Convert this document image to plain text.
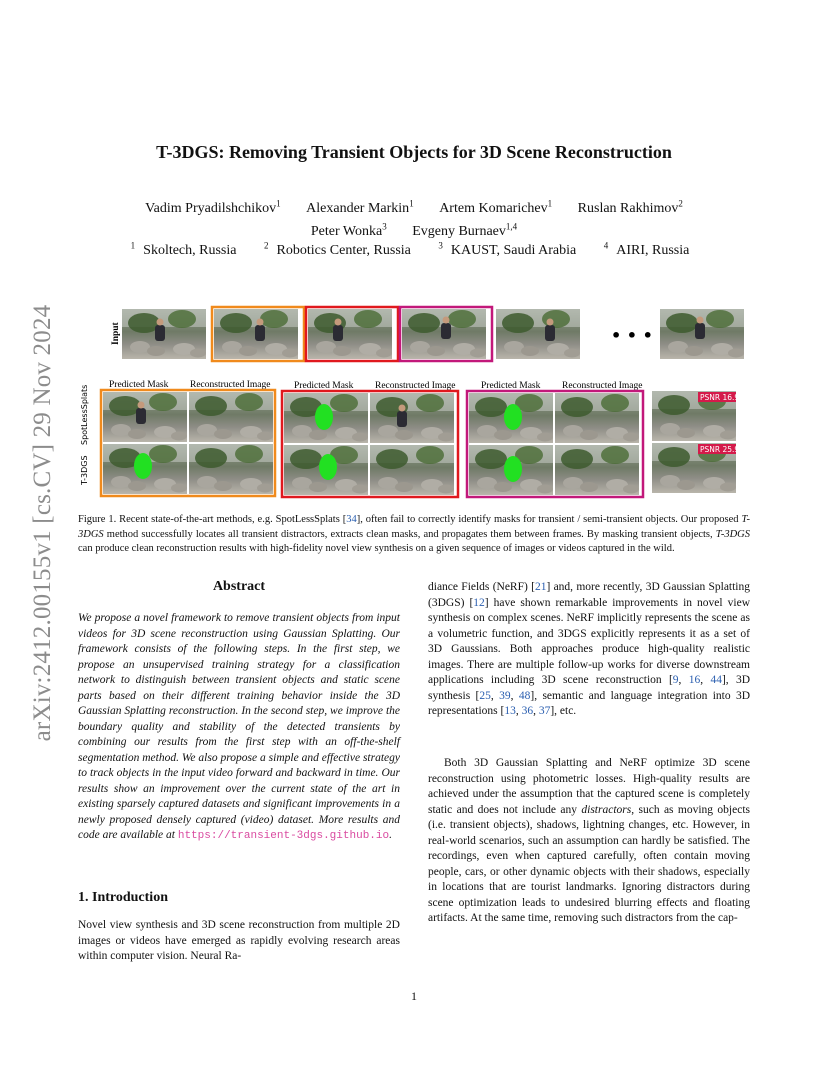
arXiv:2412.00155v1 [cs.CV] 29 Nov 2024
T-3DGS: Removing Transient Objects for 3D Scene Reconstruction
Vadim Pryadilshchikov$^1$ Alexander Markin$^1$ Artem Komarichev$^1$ Ruslan Rakhimov$^2$
Peter Wonka$^3$ Evgeny Burnaev$^{1,4}$
$^1$ Skoltech, Russia	$^2$ Robotics Center, Russia	$^3$ KAUST, Saudi Arabia	$^4$ AIRI, Russia
Input	• • •
Predicted Mask Reconstructed Image Predicted Mask Reconstructed Image	Predicted Mask Reconstructed Image
SpotLessSplats
T-3DGS
PSNR 16.92
PSNR 25.92
Figure 1. Recent state-of-the-art methods, e.g. SpotLessSplats [34], often fail to correctly identify masks for transient / semi-transient objects. Our proposed T-3DGS method successfully locates all transient distractors, extracts clean masks, and propagates them between frames. By masking transient objects, T-3DGS can produce clean reconstruction results with high-fidelity novel view synthesis on a given sequence of images or videos captured in the wild.
Abstract
We propose a novel framework to remove transient objects from input videos for 3D scene reconstruction using Gaussian Splatting. Our framework consists of the following steps. In the first step, we propose an unsupervised training strategy for a classification network to distinguish between transient objects and static scene parts based on their different training behavior inside the 3D Gaussian Splatting reconstruction. In the second step, we improve the boundary quality and stability of the detected transients by combining our results from the first step with an off-the-shelf segmentation method. We also propose a simple and effective strategy to track objects in the input video forward and backward in time. Our results show an improvement over the current state of the art in existing sparsely captured datasets and significant improvements in a newly proposed densely captured (video) dataset. More results and code are available at https://transient-3dgs.github.io.
1. Introduction
Novel view synthesis and 3D scene reconstruction from multiple 2D images or videos have emerged as rapidly evolving research areas within computer vision. Neural Ra-

diance Fields (NeRF) [21] and, more recently, 3D Gaussian Splatting (3DGS) [12] have shown remarkable improvements in novel view synthesis on complex scenes. NeRF implicitly represents the scene as a volumetric function, and 3DGS explicitly represents it as a set of 3D Gaussians. Both approaches produce high-quality realistic images. There are multiple follow-up works for diverse downstream applications including 3D scene reconstruction [9, 16, 44], 3D synthesis [25, 39, 48], semantic and language integration into 3D representations [13, 36, 37], etc.

Both 3D Gaussian Splatting and NeRF optimize 3D scene reconstruction using photometric losses. High-quality results are achieved under the assumption that the captured scene is completely static and does not include any distractors, such as moving objects (i.e. transient objects), shadows, lightning changes, etc. However, in real-world scenarios, such an assumption can hardly be satisfied. The recordings, even when captured carefully, often contain moving people, cars, or other dynamic objects with their shadows, especially in locations that are tourist landmarks. Ignoring distractors during scene optimization leads to undesired blurring effects and floating artifacts. At the same time, removing such distractors from the cap-

1
